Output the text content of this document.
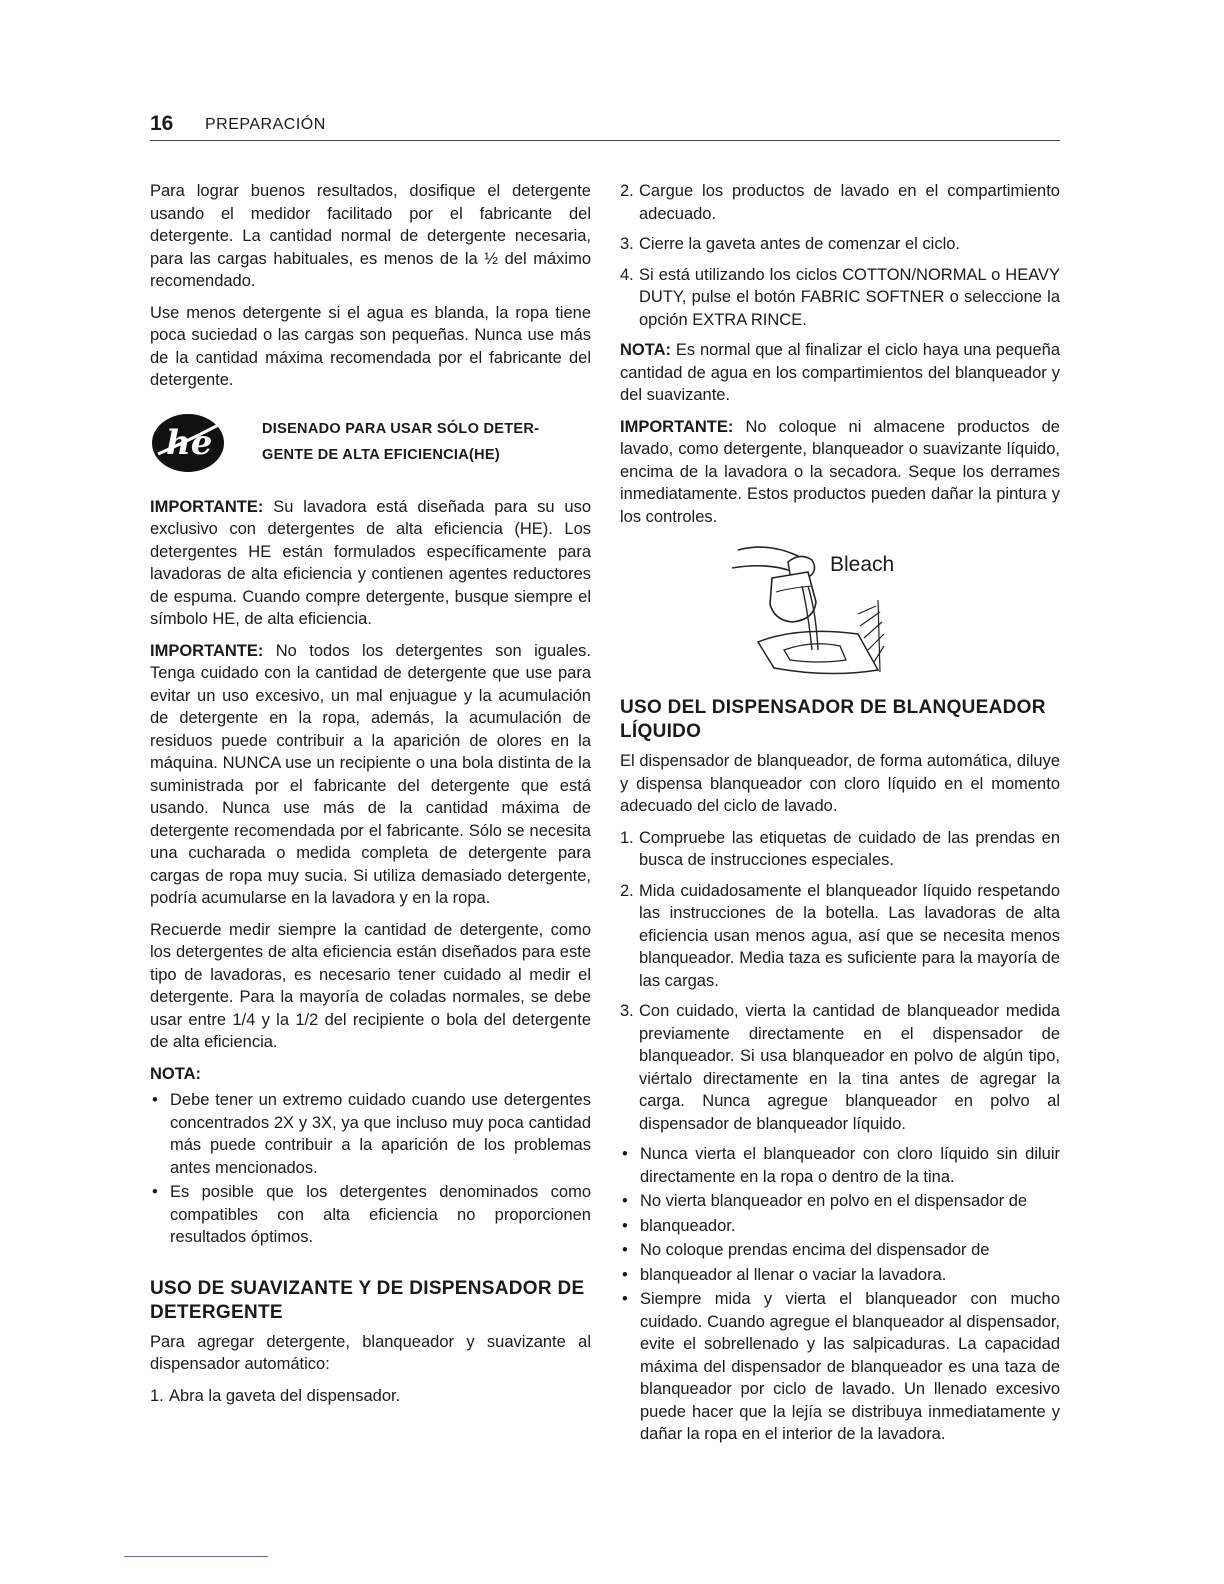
16 PREPARACIÓN

Para lograr buenos resultados, dosifique el detergente usando el medidor facilitado por el fabricante del detergente. La cantidad normal de detergente necesaria, para las cargas habituales, es menos de la ½ del máximo recomendado.

Use menos detergente si el agua es blanda, la ropa tiene poca suciedad o las cargas son pequeñas. Nunca use más de la cantidad máxima recomendada por el fabricante del detergente.

he	DISENADO PARA USAR SÓLO DETER-
GENTE DE ALTA EFICIENCIA(HE)

IMPORTANTE: Su lavadora está diseñada para su uso exclusivo con detergentes de alta eficiencia (HE). Los detergentes HE están formulados específicamente para lavadoras de alta eficiencia y contienen agentes reductores de espuma. Cuando compre detergente, busque siempre el símbolo HE, de alta eficiencia.

IMPORTANTE: No todos los detergentes son iguales. Tenga cuidado con la cantidad de detergente que use para evitar un uso excesivo, un mal enjuague y la acumulación de detergente en la ropa, además, la acumulación de residuos puede contribuir a la aparición de olores en la máquina. NUNCA use un recipiente o una bola distinta de la suministrada por el fabricante del detergente que está usando. Nunca use más de la cantidad máxima de detergente recomendada por el fabricante. Sólo se necesita una cucharada o medida completa de detergente para cargas de ropa muy sucia. Si utiliza demasiado detergente, podría acumularse en la lavadora y en la ropa.

Recuerde medir siempre la cantidad de detergente, como los detergentes de alta eficiencia están diseñados para este tipo de lavadoras, es necesario tener cuidado al medir el detergente. Para la mayoría de coladas normales, se debe usar entre 1/4 y la 1/2 del recipiente o bola del detergente de alta eficiencia.

NOTA:
• Debe tener un extremo cuidado cuando use detergentes concentrados 2X y 3X, ya que incluso muy poca cantidad más puede contribuir a la aparición de los problemas antes mencionados.
• Es posible que los detergentes denominados como compatibles con alta eficiencia no proporcionen resultados óptimos.
USO DE SUAVIZANTE Y DE DISPENSADOR DE DETERGENTE

Para agregar detergente, blanqueador y suavizante al dispensador automático:

1. Abra la gaveta del dispensador.
2. Cargue los productos de lavado en el compartimiento adecuado.
3. Cierre la gaveta antes de comenzar el ciclo.
4. Si está utilizando los ciclos COTTON/NORMAL o HEAVY DUTY, pulse el botón FABRIC SOFTNER o seleccione la opción EXTRA RINCE.

NOTA: Es normal que al finalizar el ciclo haya una pequeña cantidad de agua en los compartimientos del blanqueador y del suavizante.

IMPORTANTE: No coloque ni almacene productos de lavado, como detergente, blanqueador o suavizante líquido, encima de la lavadora o la secadora. Seque los derrames inmediatamente. Estos productos pueden dañar la pintura y los controles.

Bleach
USO DEL DISPENSADOR DE BLANQUEADOR LÍQUIDO

El dispensador de blanqueador, de forma automática, diluye y dispensa blanqueador con cloro líquido en el momento adecuado del ciclo de lavado.

1. Compruebe las etiquetas de cuidado de las prendas en busca de instrucciones especiales.
2. Mida cuidadosamente el blanqueador líquido respetando las instrucciones de la botella. Las lavadoras de alta eficiencia usan menos agua, así que se necesita menos blanqueador. Media taza es suficiente para la mayoría de las cargas.
3. Con cuidado, vierta la cantidad de blanqueador medida previamente directamente en el dispensador de blanqueador. Si usa blanqueador en polvo de algún tipo, viértalo directamente en la tina antes de agregar la carga. Nunca agregue blanqueador en polvo al dispensador de blanqueador líquido.
• Nunca vierta el blanqueador con cloro líquido sin diluir directamente en la ropa o dentro de la tina.
• No vierta blanqueador en polvo en el dispensador de
• blanqueador.
• No coloque prendas encima del dispensador de
• blanqueador al llenar o vaciar la lavadora.
• Siempre mida y vierta el blanqueador con mucho cuidado. Cuando agregue el blanqueador al dispensador, evite el sobrellenado y las salpicaduras. La capacidad máxima del dispensador de blanqueador es una taza de blanqueador por ciclo de lavado. Un llenado excesivo puede hacer que la lejía se distribuya inmediatamente y dañar la ropa en el interior de la lavadora.
